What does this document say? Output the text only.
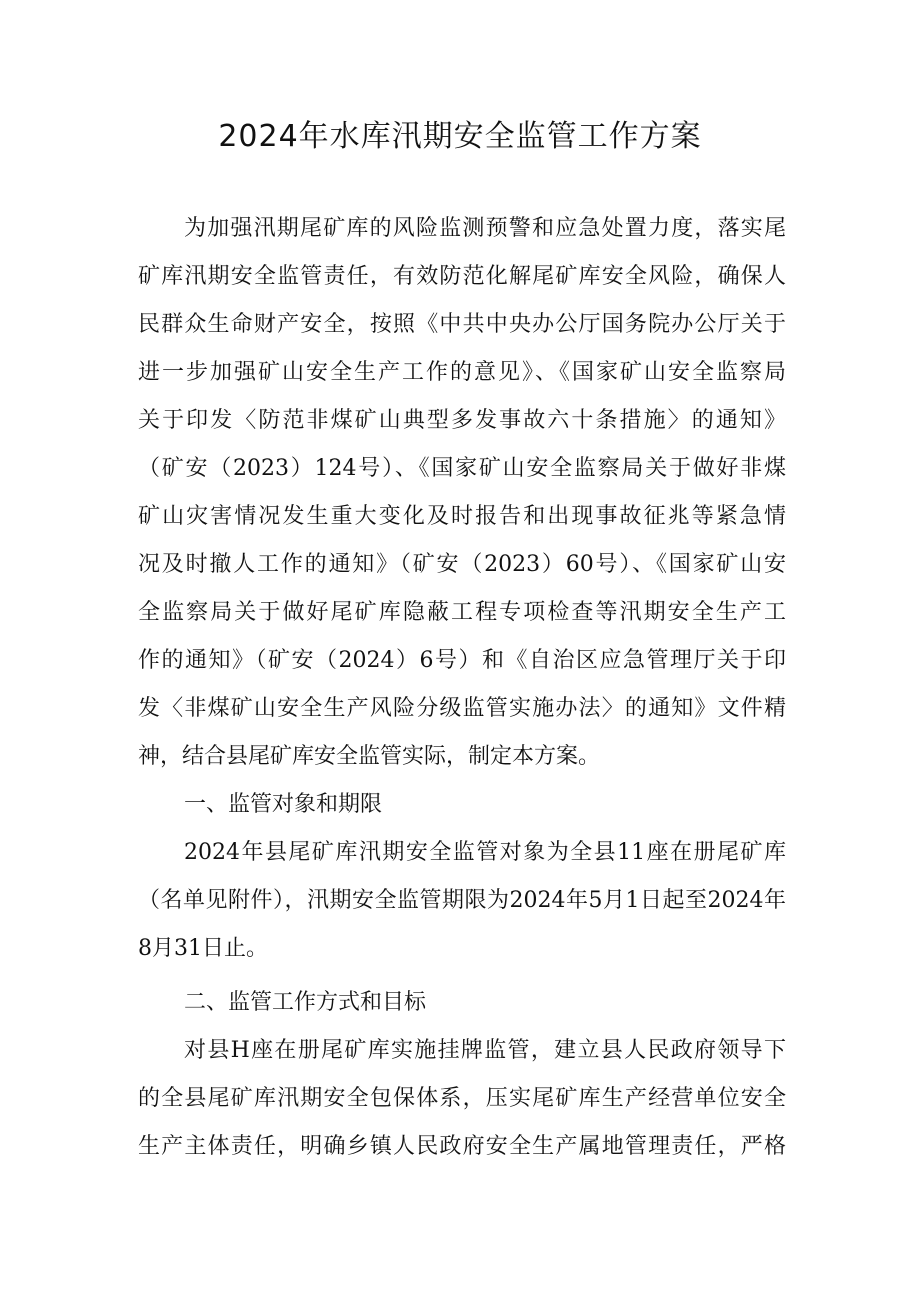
2024年水库汛期安全监管工作方案
为加强汛期尾矿库的风险监测预警和应急处置力度，落实尾
矿库汛期安全监管责任，有效防范化解尾矿库安全风险，确保人
民群众生命财产安全，按照《中共中央办公厅国务院办公厅关于
进一步加强矿山安全生产工作的意见》、《国家矿山安全监察局
关于印发〈防范非煤矿山典型多发事故六十条措施〉的通知》
（矿安（2023）124号）、《国家矿山安全监察局关于做好非煤
矿山灾害情况发生重大变化及时报告和出现事故征兆等紧急情
况及时撤人工作的通知》（矿安（2023）60号）、《国家矿山安
全监察局关于做好尾矿库隐蔽工程专项检查等汛期安全生产工
作的通知》（矿安（2024）6号）和《自治区应急管理厅关于印
发〈非煤矿山安全生产风险分级监管实施办法〉的通知》文件精
神，结合县尾矿库安全监管实际，制定本方案。
一、监管对象和期限
2024年县尾矿库汛期安全监管对象为全县11座在册尾矿库
（名单见附件），汛期安全监管期限为2024年5月1日起至2024年
8月31日止。
二、监管工作方式和目标
对县H座在册尾矿库实施挂牌监管，建立县人民政府领导下
的全县尾矿库汛期安全包保体系，压实尾矿库生产经营单位安全
生产主体责任，明确乡镇人民政府安全生产属地管理责任，严格
